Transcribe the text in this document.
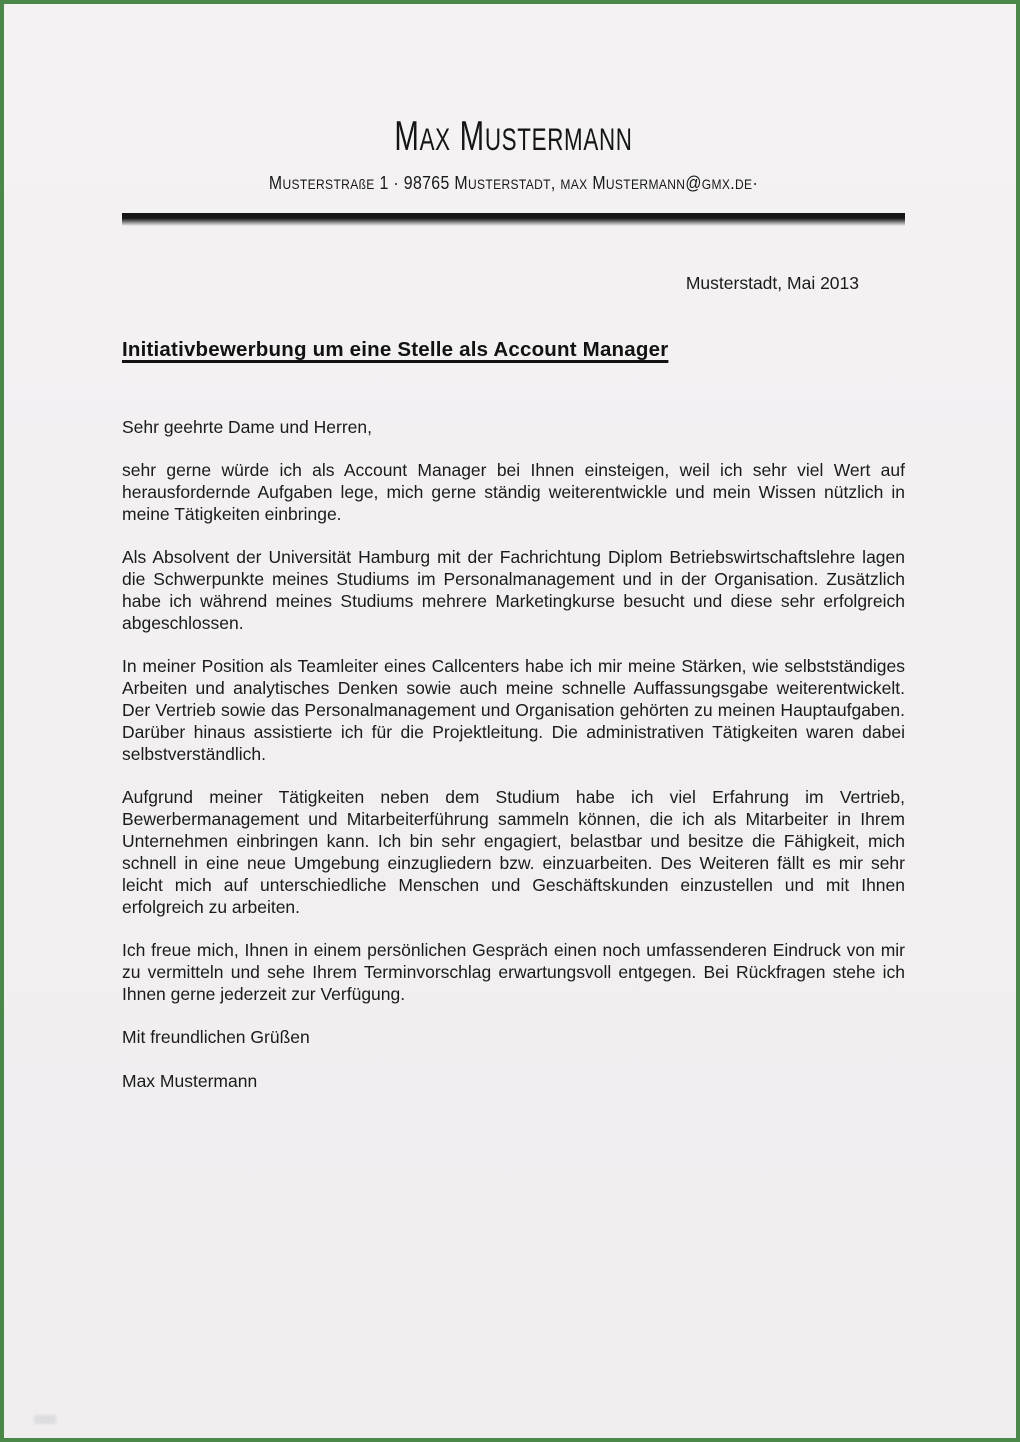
MAX MUSTERMANN
MUSTERSTRAßE 1 · 98765 MUSTERSTADT, MAX MUSTERMANN@GMX.DE·
Musterstadt, Mai 2013
Initiativbewerbung um eine Stelle als Account Manager

Sehr geehrte Dame und Herren,

sehr gerne würde ich als Account Manager bei Ihnen einsteigen, weil ich sehr viel Wert auf herausfordernde Aufgaben lege, mich gerne ständig weiterentwickle und mein Wissen nützlich in meine Tätigkeiten einbringe.

Als Absolvent der Universität Hamburg mit der Fachrichtung Diplom Betriebswirtschaftslehre lagen die Schwerpunkte meines Studiums im Personalmanagement und in der Organisation. Zusätzlich habe ich während meines Studiums mehrere Marketingkurse besucht und diese sehr erfolgreich abgeschlossen.

In meiner Position als Teamleiter eines Callcenters habe ich mir meine Stärken, wie selbstständiges Arbeiten und analytisches Denken sowie auch meine schnelle Auffassungsgabe weiterentwickelt. Der Vertrieb sowie das Personalmanagement und Organisation gehörten zu meinen Hauptaufgaben. Darüber hinaus assistierte ich für die Projektleitung. Die administrativen Tätigkeiten waren dabei selbstverständlich.

Aufgrund meiner Tätigkeiten neben dem Studium habe ich viel Erfahrung im Vertrieb, Bewerbermanagement und Mitarbeiterführung sammeln können, die ich als Mitarbeiter in Ihrem Unternehmen einbringen kann. Ich bin sehr engagiert, belastbar und besitze die Fähigkeit, mich schnell in eine neue Umgebung einzugliedern bzw. einzuarbeiten. Des Weiteren fällt es mir sehr leicht mich auf unterschiedliche Menschen und Geschäftskunden einzustellen und mit Ihnen erfolgreich zu arbeiten.

Ich freue mich, Ihnen in einem persönlichen Gespräch einen noch umfassenderen Eindruck von mir zu vermitteln und sehe Ihrem Terminvorschlag erwartungsvoll entgegen. Bei Rückfragen stehe ich Ihnen gerne jederzeit zur Verfügung.

Mit freundlichen Grüßen

Max Mustermann
